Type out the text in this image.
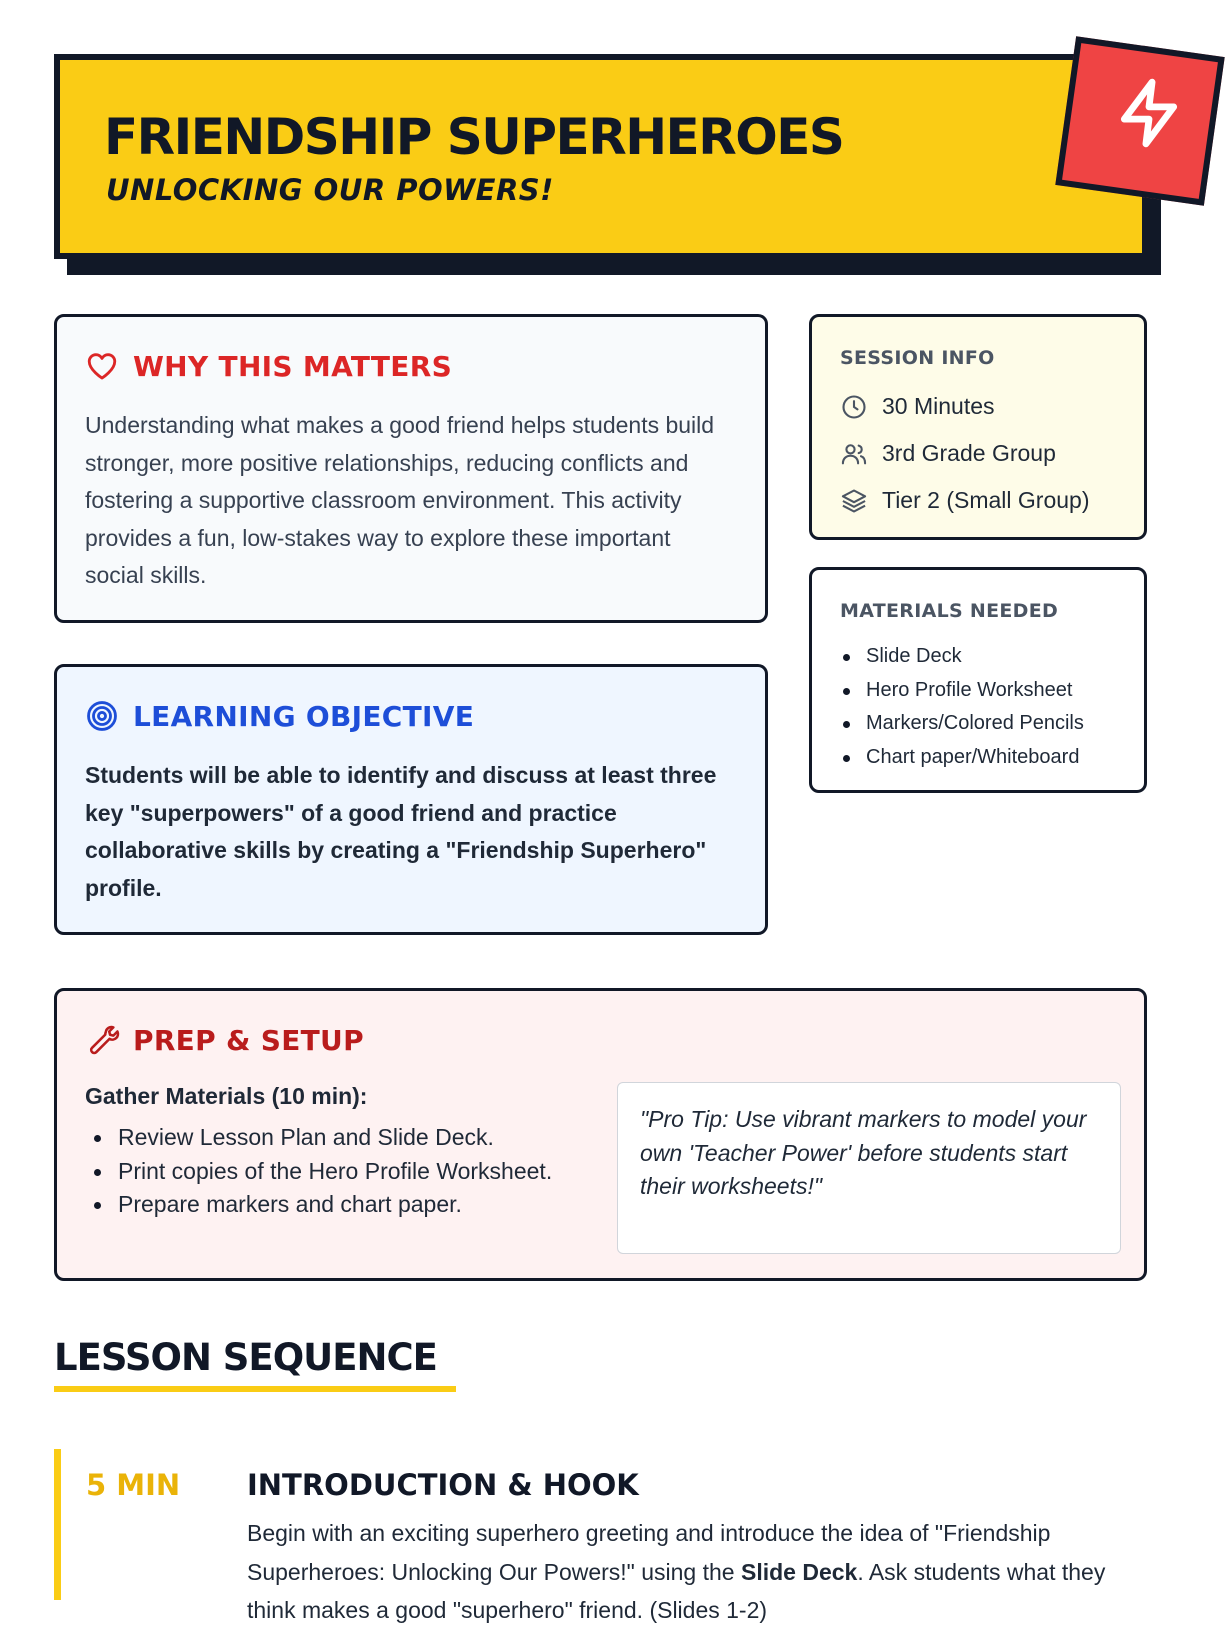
FRIENDSHIP SUPERHEROES
UNLOCKING OUR POWERS!
WHY THIS MATTERS
Understanding what makes a good friend helps students build stronger, more positive relationships, reducing conflicts and fostering a supportive classroom environment. This activity provides a fun, low-stakes way to explore these important social skills.
LEARNING OBJECTIVE
Students will be able to identify and discuss at least three key "superpowers" of a good friend and practice collaborative skills by creating a "Friendship Superhero" profile.
SESSION INFO
30 Minutes
3rd Grade Group
Tier 2 (Small Group)
MATERIALS NEEDED
Slide Deck
Hero Profile Worksheet
Markers/Colored Pencils
Chart paper/Whiteboard
PREP & SETUP
Gather Materials (10 min):
Review Lesson Plan and Slide Deck.
Print copies of the Hero Profile Worksheet.
Prepare markers and chart paper.
"Pro Tip: Use vibrant markers to model your own 'Teacher Power' before students start their worksheets!"
LESSON SEQUENCE
5 MIN INTRODUCTION & HOOK
Begin with an exciting superhero greeting and introduce the idea of "Friendship Superheroes: Unlocking Our Powers!" using the Slide Deck. Ask students what they think makes a good "superhero" friend. (Slides 1-2)
